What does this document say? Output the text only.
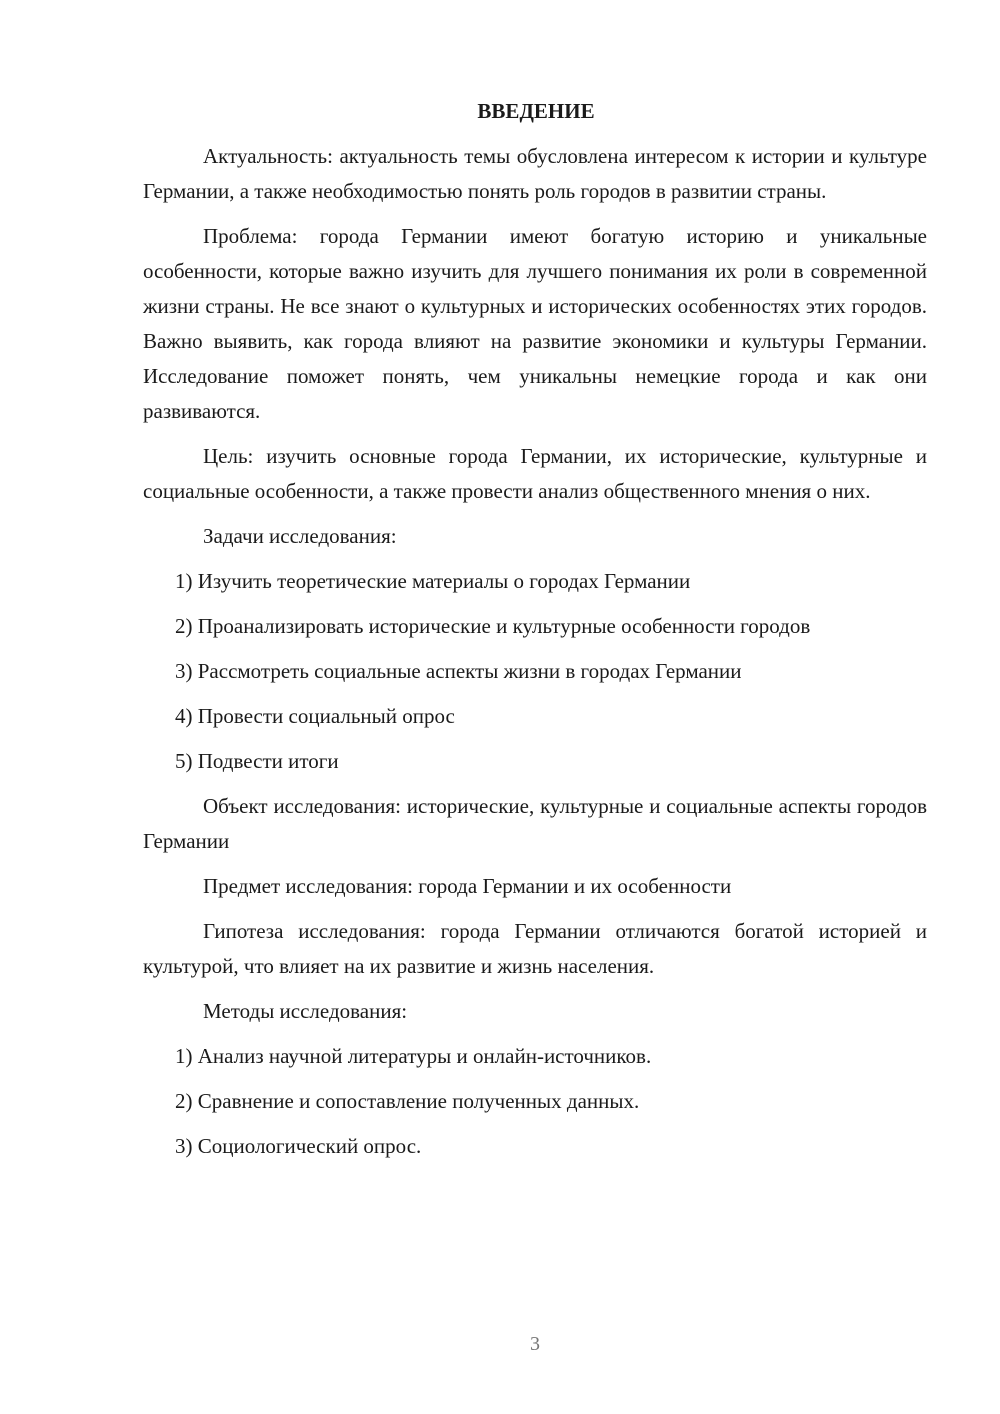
ВВЕДЕНИЕ

Актуальность: актуальность темы обусловлена интересом к истории и культуре Германии, а также необходимостью понять роль городов в развитии страны.

Проблема: города Германии имеют богатую историю и уникальные особенности, которые важно изучить для лучшего понимания их роли в современной жизни страны. Не все знают о культурных и исторических особенностях этих городов. Важно выявить, как города влияют на развитие экономики и культуры Германии. Исследование поможет понять, чем уникальны немецкие города и как они развиваются.

Цель: изучить основные города Германии, их исторические, культурные и социальные особенности, а также провести анализ общественного мнения о них.

Задачи исследования:

1) Изучить теоретические материалы о городах Германии

2) Проанализировать исторические и культурные особенности городов

3) Рассмотреть социальные аспекты жизни в городах Германии

4) Провести социальный опрос

5) Подвести итоги

Объект исследования: исторические, культурные и социальные аспекты городов Германии

Предмет исследования: города Германии и их особенности

Гипотеза исследования: города Германии отличаются богатой историей и культурой, что влияет на их развитие и жизнь населения.

Методы исследования:

1) Анализ научной литературы и онлайн-источников.

2) Сравнение и сопоставление полученных данных.

3) Социологический опрос.

3
